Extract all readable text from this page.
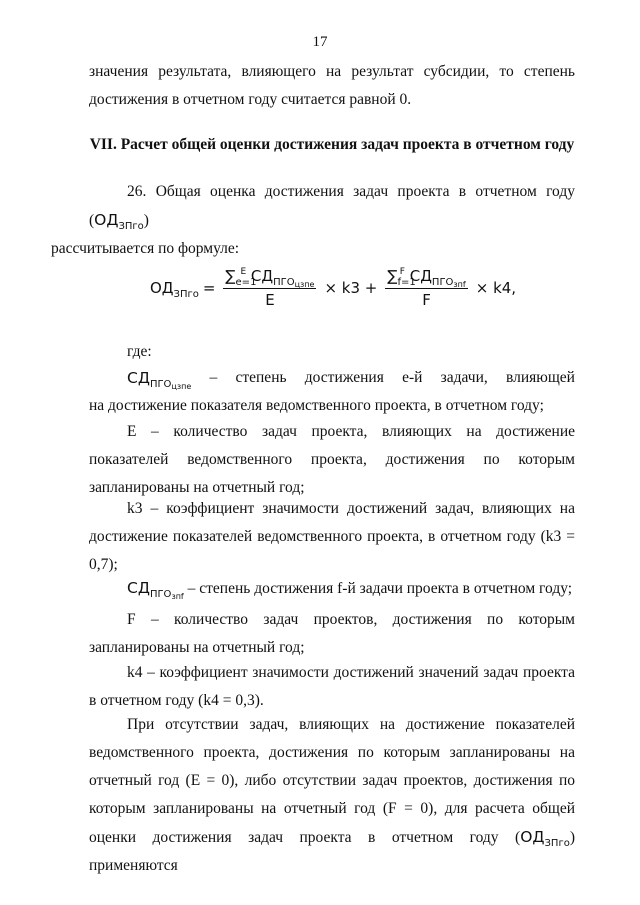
17
значения результата, влияющего на результат субсидии, то степень
достижения в отчетном году считается равной 0.
VII. Расчет общей оценки достижения задач проекта в отчетном году
26. Общая оценка достижения задач проекта в отчетном году $(ОД_{ЗПго})$
рассчитывается по формуле:
$ОД_{ЗПго} = \frac{\sum_{e=1}^E СД_{ПГО_{цзпe}}}{E} \times k3 + \frac{\sum_{f=1}^F СД_{ПГО_{зпf}}}{F} \times k4$,
где:
$СД_{ПГО_{цзпe}}$
– степень достижения е-й задачи, влияющей
на достижение показателя ведомственного проекта, в отчетном году;
E – количество задач проекта, влияющих на достижение показателей ведомственного проекта, достижения по которым запланированы на отчетный год;
k3 – коэффициент значимости достижений задач, влияющих на достижение показателей ведомственного проекта, в отчетном году (k3 = 0,7);
$СД_{ПГО_{зпf}}$ – степень достижения f-й задачи проекта в отчетном году;
F – количество задач проектов, достижения по которым запланированы на отчетный год;
k4 – коэффициент значимости достижений значений задач проекта в отчетном году (k4 = 0,3).
При отсутствии задач, влияющих на достижение показателей ведомственного проекта, достижения по которым запланированы на отчетный год (E = 0), либо отсутствии задач проектов, достижения по которым запланированы на отчетный год (F = 0), для расчета общей оценки достижения задач проекта в отчетном году $(ОД_{ЗПго})$ применяются
